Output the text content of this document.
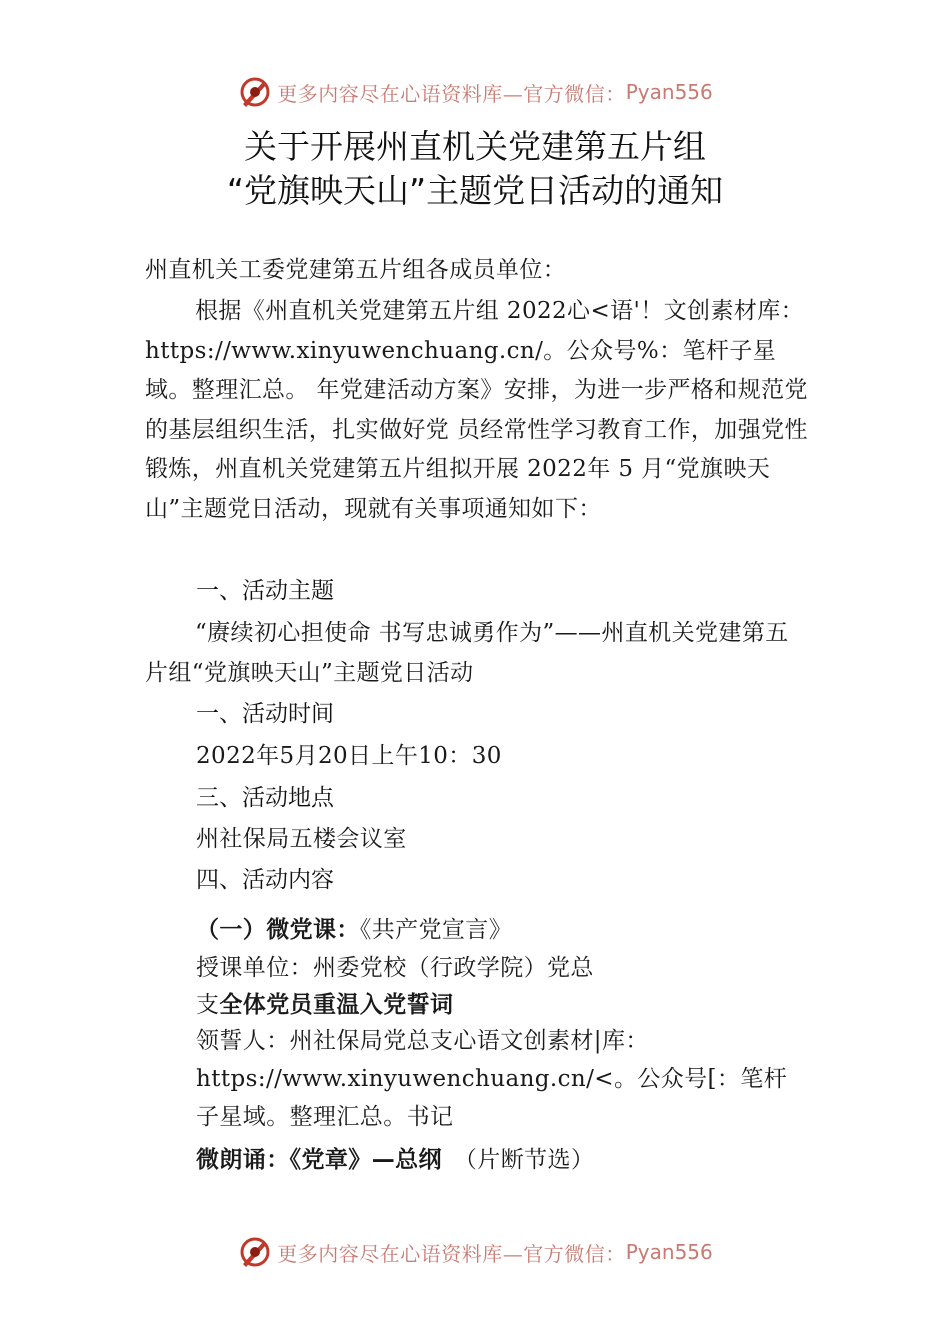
更多内容尽在心语资料库—官方微信： Pyan556
关于开展州直机关党建第五片组
“党旗映天山”主题党日活动的通知
州直机关工委党建第五片组各成员单位：

根据《州直机关党建第五片组 2022心<语'！文创素材库：https://www.xinyuwenchuang.cn/。公众号%：笔杆子星域。整理汇总。 年党建活动方案》安排，为进一步严格和规范党的基层组织生活，扎实做好党 员经常性学习教育工作，加强党性锻炼，州直机关党建第五片组拟开展 2022年 5 月“党旗映天山”主题党日活动，现就有关事项通知如下：

一、活动主题

“赓续初心担使命 书写忠诚勇作为”——州直机关党建第五片组“党旗映天山”主题党日活动

一、活动时间
2022年5月20日上午10：30
三、活动地点
州社保局五楼会议室
四、活动内容
（一）微党课：《共产党宣言》
授课单位：州委党校（行政学院）党总
支全体党员重温入党誓词

领誓人：州社保局党总支心语文创素材|库：https://www.xinyuwenchuang.cn/<。公众号[：笔杆子星域。整理汇总。书记

微朗诵：《党章》—总纲 （片断节选）
更多内容尽在心语资料库—官方微信： Pyan556
